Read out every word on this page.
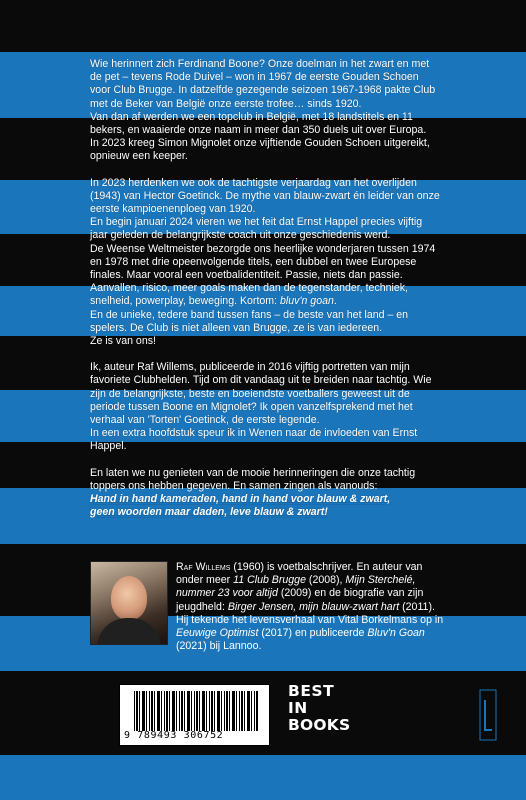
Wie herinnert zich Ferdinand Boone? Onze doelman in het zwart en met de pet – tevens Rode Duivel – won in 1967 de eerste Gouden Schoen voor Club Brugge. In datzelfde gezegende seizoen 1967-1968 pakte Club met de Beker van België onze eerste trofee… sinds 1920.

Van dan af werden we een topclub in België, met 18 landstitels en 11 bekers, en waaierde onze naam in meer dan 350 duels uit over Europa.

In 2023 kreeg Simon Mignolet onze vijftiende Gouden Schoen uitgereikt, opnieuw een keeper.

In 2023 herdenken we ook de tachtigste verjaardag van het overlijden (1943) van Hector Goetinck. De mythe van blauw-zwart én leider van onze eerste kampioenenploeg van 1920.

En begin januari 2024 vieren we het feit dat Ernst Happel precies vijftig jaar geleden de belangrijkste coach uit onze geschiedenis werd.

De Weense Weltmeister bezorgde ons heerlijke wonderjaren tussen 1974 en 1978 met drie opeenvolgende titels, een dubbel en twee Europese finales. Maar vooral een voetbalidentiteit. Passie, niets dan passie. Aanvallen, risico, meer goals maken dan de tegenstander, techniek, snelheid, powerplay, beweging. Kortom: bluv'n goan.

En de unieke, tedere band tussen fans – de beste van het land – en spelers. De Club is niet alleen van Brugge, ze is van iedereen.

Ze is van ons!

Ik, auteur Raf Willems, publiceerde in 2016 vijftig portretten van mijn favoriete Clubhelden. Tijd om dit vandaag uit te breiden naar tachtig. Wie zijn de belangrijkste, beste en boeiendste voetballers geweest uit de periode tussen Boone en Mignolet? Ik open vanzelfsprekend met het verhaal van 'Torten' Goetinck, de eerste legende.

In een extra hoofdstuk speur ik in Wenen naar de invloeden van Ernst Happel.

En laten we nu genieten van de mooie herinneringen die onze tachtig toppers ons hebben gegeven. En samen zingen als vanouds:

Hand in hand kameraden, hand in hand voor blauw & zwart,

geen woorden maar daden, leve blauw & zwart!

Raf Willems (1960) is voetbalschrijver. En auteur van onder meer 11 Club Brugge (2008), Mijn Sterchelé, nummer 23 voor altijd (2009) en de biografie van zijn jeugdheld: Birger Jensen, mijn blauw-zwart hart (2011). Hij tekende het levensverhaal van Vital Borkelmans op in Eeuwige Optimist (2017) en publiceerde Bluv'n Goan (2021) bij Lannoo.
9 789493 306752
BEST IN
BOOKS
